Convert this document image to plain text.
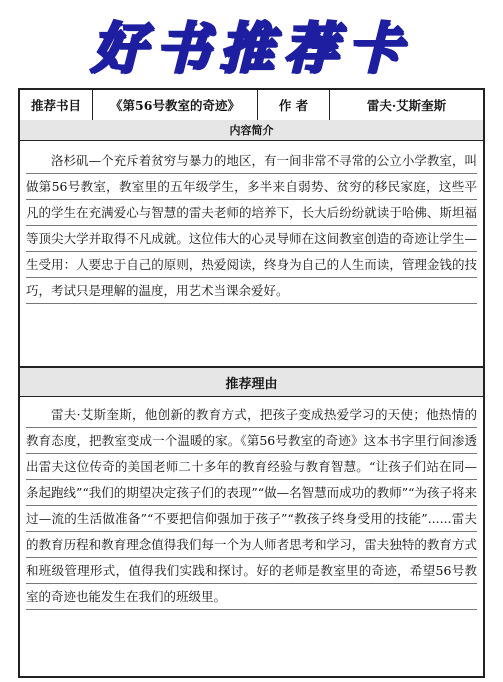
好书推荐卡
推荐书目	《第56号教室的奇迹》	作 者	雷夫·艾斯奎斯
内容简介

洛杉矶—个充斥着贫穷与暴力的地区，有一间非常不寻常的公立小学教室，叫做第56号教室，教室里的五年级学生，多半来自弱势、贫穷的移民家庭，这些平凡的学生在充满爱心与智慧的雷夫老师的培养下，长大后纷纷就读于哈佛、斯坦福等顶尖大学并取得不凡成就。这位伟大的心灵导师在这间教室创造的奇迹让学生—生受用：人要忠于自己的原则，热爱阅读，终身为自己的人生而读，管理金钱的技巧，考试只是理解的温度，用艺术当课余爱好。

推荐理由

雷夫·艾斯奎斯，他创新的教育方式，把孩子变成热爱学习的天使；他热情的教育态度，把教室变成一个温暖的家。《第56号教室的奇迹》这本书字里行间渗透出雷夫这位传奇的美国老师二十多年的教育经验与教育智慧。“让孩子们站在同—条起跑线”“我们的期望决定孩子们的表现”“做—名智慧而成功的教师”“为孩子将来过—流的生活做准备”“不要把信仰强加于孩子”“教孩子终身受用的技能”......雷夫的教育历程和教育理念值得我们每一个为人师者思考和学习，雷夫独特的教育方式和班级管理形式，值得我们实践和探讨。好的老师是教室里的奇迹，希望56号教室的奇迹也能发生在我们的班级里。
